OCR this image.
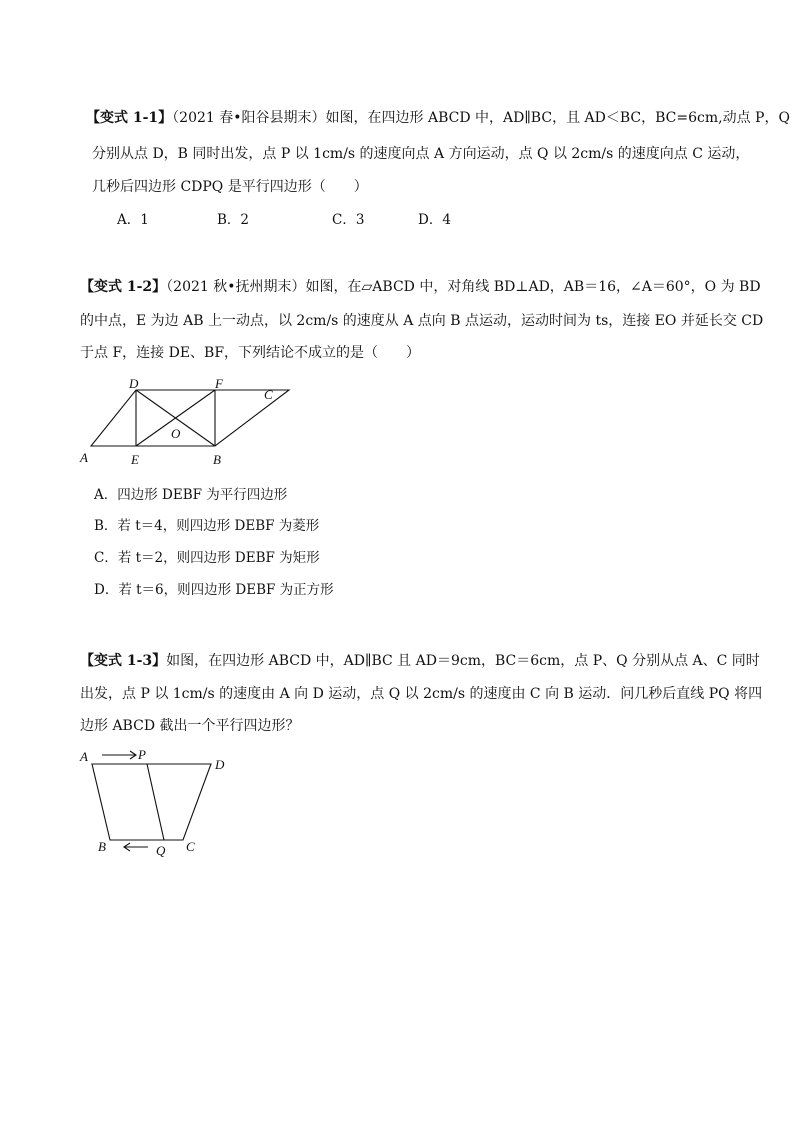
【变式 1-1】（2021 春•阳谷县期末）如图，在四边形 ABCD 中，AD∥BC，且 AD＜BC，BC=6cm,动点 P，Q
分别从点 D，B 同时出发，点 P 以 1cm/s 的速度向点 A 方向运动，点 Q 以 2cm/s 的速度向点 C 运动，
几秒后四边形 CDPQ 是平行四边形（　　）
A．1	B．2	C．3	D．4
【变式 1-2】（2021 秋•抚州期末）如图，在▱ABCD 中，对角线 BD⊥AD，AB＝16，∠A＝60°，O 为 BD
的中点，E 为边 AB 上一动点，以 2cm/s 的速度从 A 点向 B 点运动，运动时间为 ts，连接 EO 并延长交 CD
于点 F，连接 DE、BF，下列结论不成立的是（　　）
D	F
C
O
A	E	B
A．四边形 DEBF 为平行四边形
B．若 t＝4，则四边形 DEBF 为菱形
C．若 t＝2，则四边形 DEBF 为矩形
D．若 t＝6，则四边形 DEBF 为正方形
【变式 1-3】如图，在四边形 ABCD 中，AD∥BC 且 AD＝9cm，BC＝6cm，点 P、Q 分别从点 A、C 同时
出发，点 P 以 1cm/s 的速度由 A 向 D 运动，点 Q 以 2cm/s 的速度由 C 向 B 运动．问几秒后直线 PQ 将四
边形 ABCD 截出一个平行四边形？
A	P
D
B	Q C
